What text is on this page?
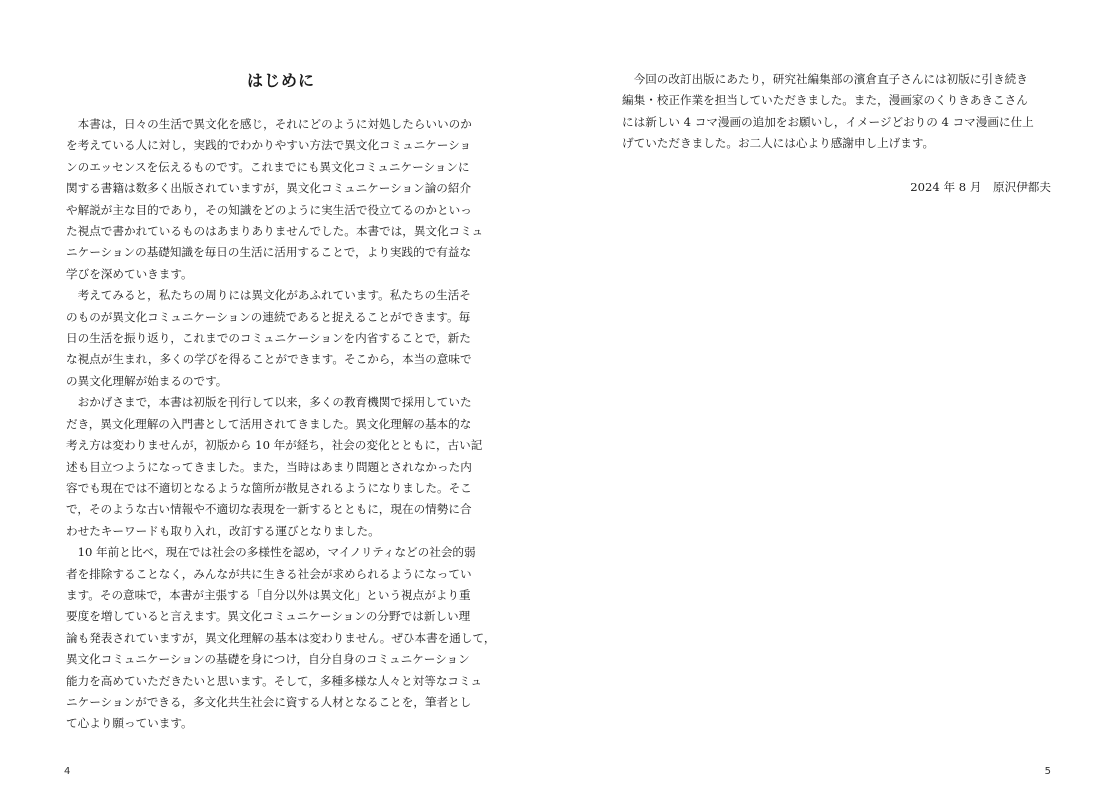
はじめに

本書は，日々の生活で異文化を感じ，それにどのように対処したらいいのか
を考えている人に対し，実践的でわかりやすい方法で異文化コミュニケーショ
ンのエッセンスを伝えるものです。これまでにも異文化コミュニケーションに
関する書籍は数多く出版されていますが，異文化コミュニケーション論の紹介
や解説が主な目的であり，その知識をどのように実生活で役立てるのかといっ
た視点で書かれているものはあまりありませんでした。本書では，異文化コミュ
ニケーションの基礎知識を毎日の生活に活用することで，より実践的で有益な
学びを深めていきます。

考えてみると，私たちの周りには異文化があふれています。私たちの生活そ
のものが異文化コミュニケーションの連続であると捉えることができます。毎
日の生活を振り返り，これまでのコミュニケーションを内省することで，新た
な視点が生まれ，多くの学びを得ることができます。そこから，本当の意味で
の異文化理解が始まるのです。

おかげさまで，本書は初版を刊行して以来，多くの教育機関で採用していた
だき，異文化理解の入門書として活用されてきました。異文化理解の基本的な
考え方は変わりませんが，初版から 10 年が経ち，社会の変化とともに，古い記
述も目立つようになってきました。また，当時はあまり問題とされなかった内
容でも現在では不適切となるような箇所が散見されるようになりました。そこ
で，そのような古い情報や不適切な表現を一新するとともに，現在の情勢に合
わせたキーワードも取り入れ，改訂する運びとなりました。

10 年前と比べ，現在では社会の多様性を認め，マイノリティなどの社会的弱
者を排除することなく，みんなが共に生きる社会が求められるようになってい
ます。その意味で，本書が主張する「自分以外は異文化」という視点がより重
要度を増していると言えます。異文化コミュニケーションの分野では新しい理
論も発表されていますが，異文化理解の基本は変わりません。ぜひ本書を通して，
異文化コミュニケーションの基礎を身につけ，自分自身のコミュニケーション
能力を高めていただきたいと思います。そして，多種多様な人々と対等なコミュ
ニケーションができる，多文化共生社会に資する人材となることを，筆者とし
て心より願っています。

4

今回の改訂出版にあたり，研究社編集部の濱倉直子さんには初版に引き続き
編集・校正作業を担当していただきました。また，漫画家のくりきあきこさん
には新しい 4 コマ漫画の追加をお願いし，イメージどおりの 4 コマ漫画に仕上
げていただきました。お二人には心より感謝申し上げます。

2024 年 8 月　原沢伊都夫

5
